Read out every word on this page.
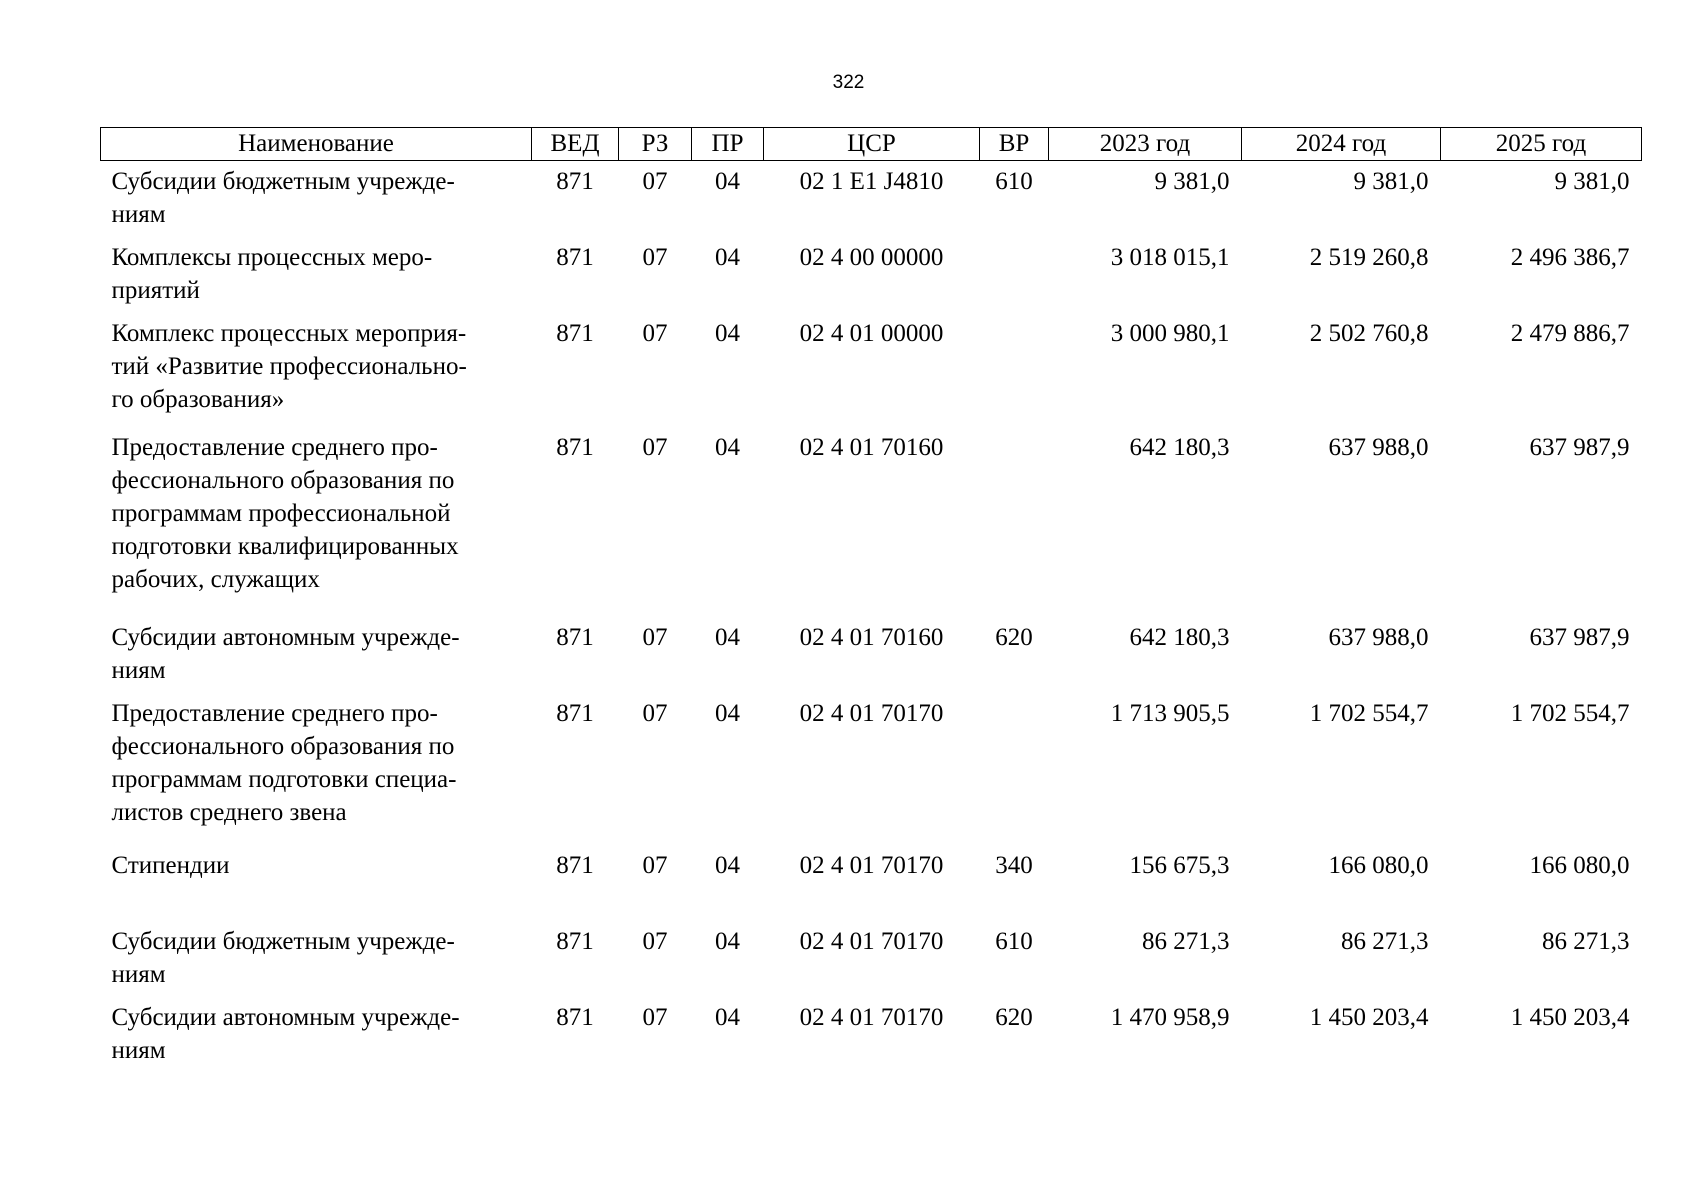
322
Наименование	ВЕД	РЗ	ПР	ЦСР	ВР	2023 год	2024 год	2025 год
Субсидии бюджетным учрежде-
ниям	871	07	04	02 1 E1 J4810	610	9 381,0	9 381,0	9 381,0
Комплексы процессных меро-
приятий	871	07	04	02 4 00 00000		3 018 015,1	2 519 260,8	2 496 386,7
Комплекс процессных мероприя-
тий «Развитие профессионально-
го образования»	871	07	04	02 4 01 00000		3 000 980,1	2 502 760,8	2 479 886,7
Предоставление среднего про-
фессионального образования по
программам профессиональной
подготовки квалифицированных
рабочих, служащих	871	07	04	02 4 01 70160		642 180,3	637 988,0	637 987,9
Субсидии автономным учрежде-
ниям	871	07	04	02 4 01 70160	620	642 180,3	637 988,0	637 987,9
Предоставление среднего про-
фессионального образования по
программам подготовки специа-
листов среднего звена	871	07	04	02 4 01 70170		1 713 905,5	1 702 554,7	1 702 554,7
Стипендии	871	07	04	02 4 01 70170	340	156 675,3	166 080,0	166 080,0
Субсидии бюджетным учрежде-
ниям	871	07	04	02 4 01 70170	610	86 271,3	86 271,3	86 271,3
Субсидии автономным учрежде-
ниям	871	07	04	02 4 01 70170	620	1 470 958,9	1 450 203,4	1 450 203,4
